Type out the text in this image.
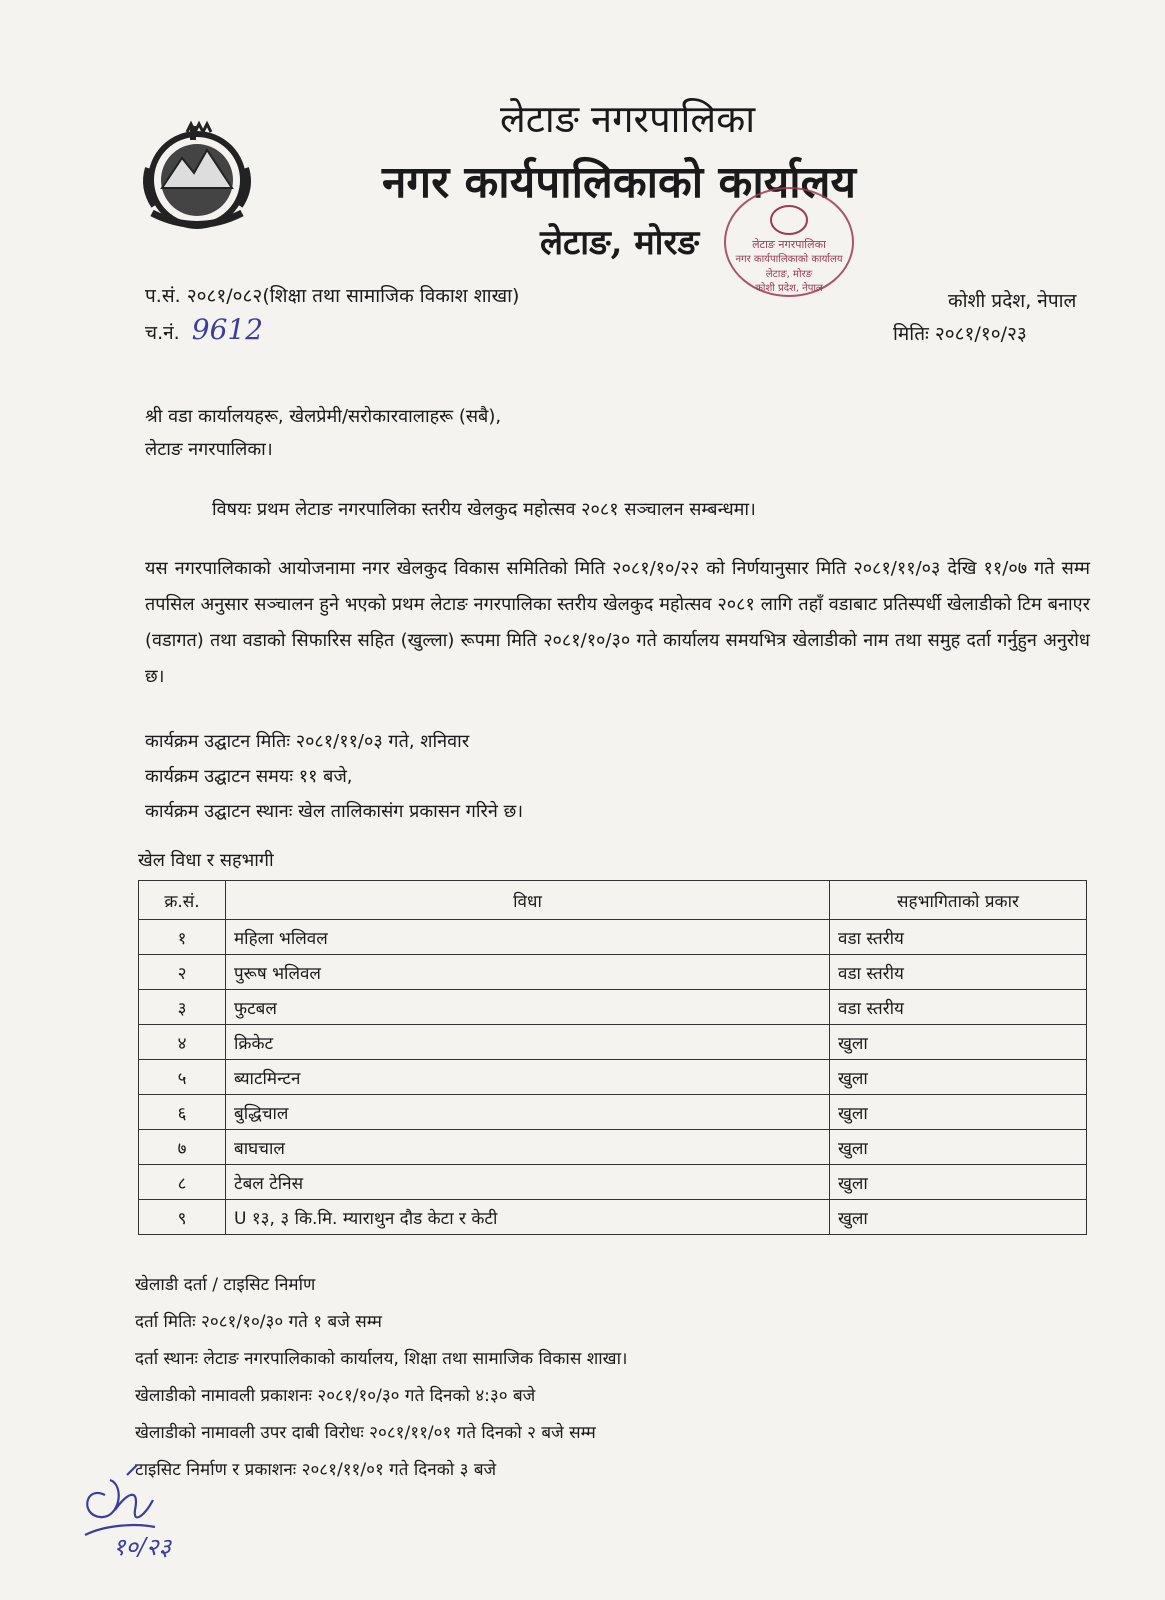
लेटाङ नगरपालिका
नगर कार्यपालिकाको कार्यालय
लेटाङ, मोरङ	लेटाङ नगरपालिका
नगर कार्यपालिकाको कार्यालय
लेटाङ, मोरङ
कोशी प्रदेश, नेपाल
प.सं. २०८१/०८२(शिक्षा तथा सामाजिक विकाश शाखा)
च.नं. 9612
कोशी प्रदेश, नेपाल
मितिः २०८१/१०/२३
श्री वडा कार्यालयहरू, खेलप्रेमी/सरोकारवालाहरू (सबै),
लेटाङ नगरपालिका।
विषयः प्रथम लेटाङ नगरपालिका स्तरीय खेलकुद महोत्सव २०८१ सञ्चालन सम्बन्धमा।
यस नगरपालिकाको आयोजनामा नगर खेलकुद विकास समितिको मिति २०८१/१०/२२ को निर्णयानुसार मिति २०८१/११/०३ देखि ११/०७ गते सम्म तपसिल अनुसार सञ्चालन हुने भएको प्रथम लेटाङ नगरपालिका स्तरीय खेलकुद महोत्सव २०८१ लागि तहाँ वडाबाट प्रतिस्पर्धी खेलाडीको टिम बनाएर (वडागत) तथा वडाको सिफारिस सहित (खुल्ला) रूपमा मिति २०८१/१०/३० गते कार्यालय समयभित्र खेलाडीको नाम तथा समुह दर्ता गर्नुहुन अनुरोध छ।
कार्यक्रम उद्घाटन मितिः २०८१/११/०३ गते, शनिवार
कार्यक्रम उद्घाटन समयः ११ बजे,
कार्यक्रम उद्घाटन स्थानः खेल तालिकासंग प्रकासन गरिने छ।
खेल विधा र सहभागी
क्र.सं.	विधा	सहभागिताको प्रकार
१	महिला भलिवल	वडा स्तरीय
२	पुरूष भलिवल	वडा स्तरीय
३	फुटबल	वडा स्तरीय
४	क्रिकेट	खुला
५	ब्याटमिन्टन	खुला
६	बुद्धिचाल	खुला
७	बाघचाल	खुला
८	टेबल टेनिस	खुला
९	U १३, ३ कि.मि. म्याराथुन दौड केटा र केटी	खुला
खेलाडी दर्ता / टाइसिट निर्माण
दर्ता मितिः २०८१/१०/३० गते १ बजे सम्म
दर्ता स्थानः लेटाङ नगरपालिकाको कार्यालय, शिक्षा तथा सामाजिक विकास शाखा।
खेलाडीको नामावली प्रकाशनः २०८१/१०/३० गते दिनको ४:३० बजे
खेलाडीको नामावली उपर दाबी विरोधः २०८१/११/०१ गते दिनको २ बजे सम्म
टाइसिट निर्माण र प्रकाशनः २०८१/११/०१ गते दिनको ३ बजे
१०/२३
